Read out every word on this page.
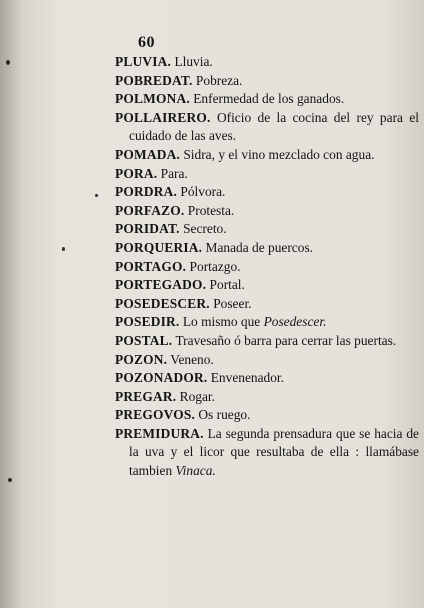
60

PLUVIA. Lluvia.

POBREDAT. Pobreza.

POLMONA. Enfermedad de los ganados.

POLLAIRERO. Oficio de la cocina del rey para el cuidado de las aves.

POMADA. Sidra, y el vino mezclado con agua.

PORA. Para.

PORDRA. Pólvora.

PORFAZO. Protesta.

PORIDAT. Secreto.

PORQUERIA. Manada de puercos.

PORTAGO. Portazgo.

PORTEGADO. Portal.

POSEDESCER. Poseer.

POSEDIR. Lo mismo que Posedescer.

POSTAL. Travesaño ó barra para cerrar las puertas.

POZON. Veneno.

POZONADOR. Envenenador.

PREGAR. Rogar.

PREGOVOS. Os ruego.

PREMIDURA. La segunda prensadura que se hacia de la uva y el licor que resultaba de ella : llamábase tambien Vinaca.
